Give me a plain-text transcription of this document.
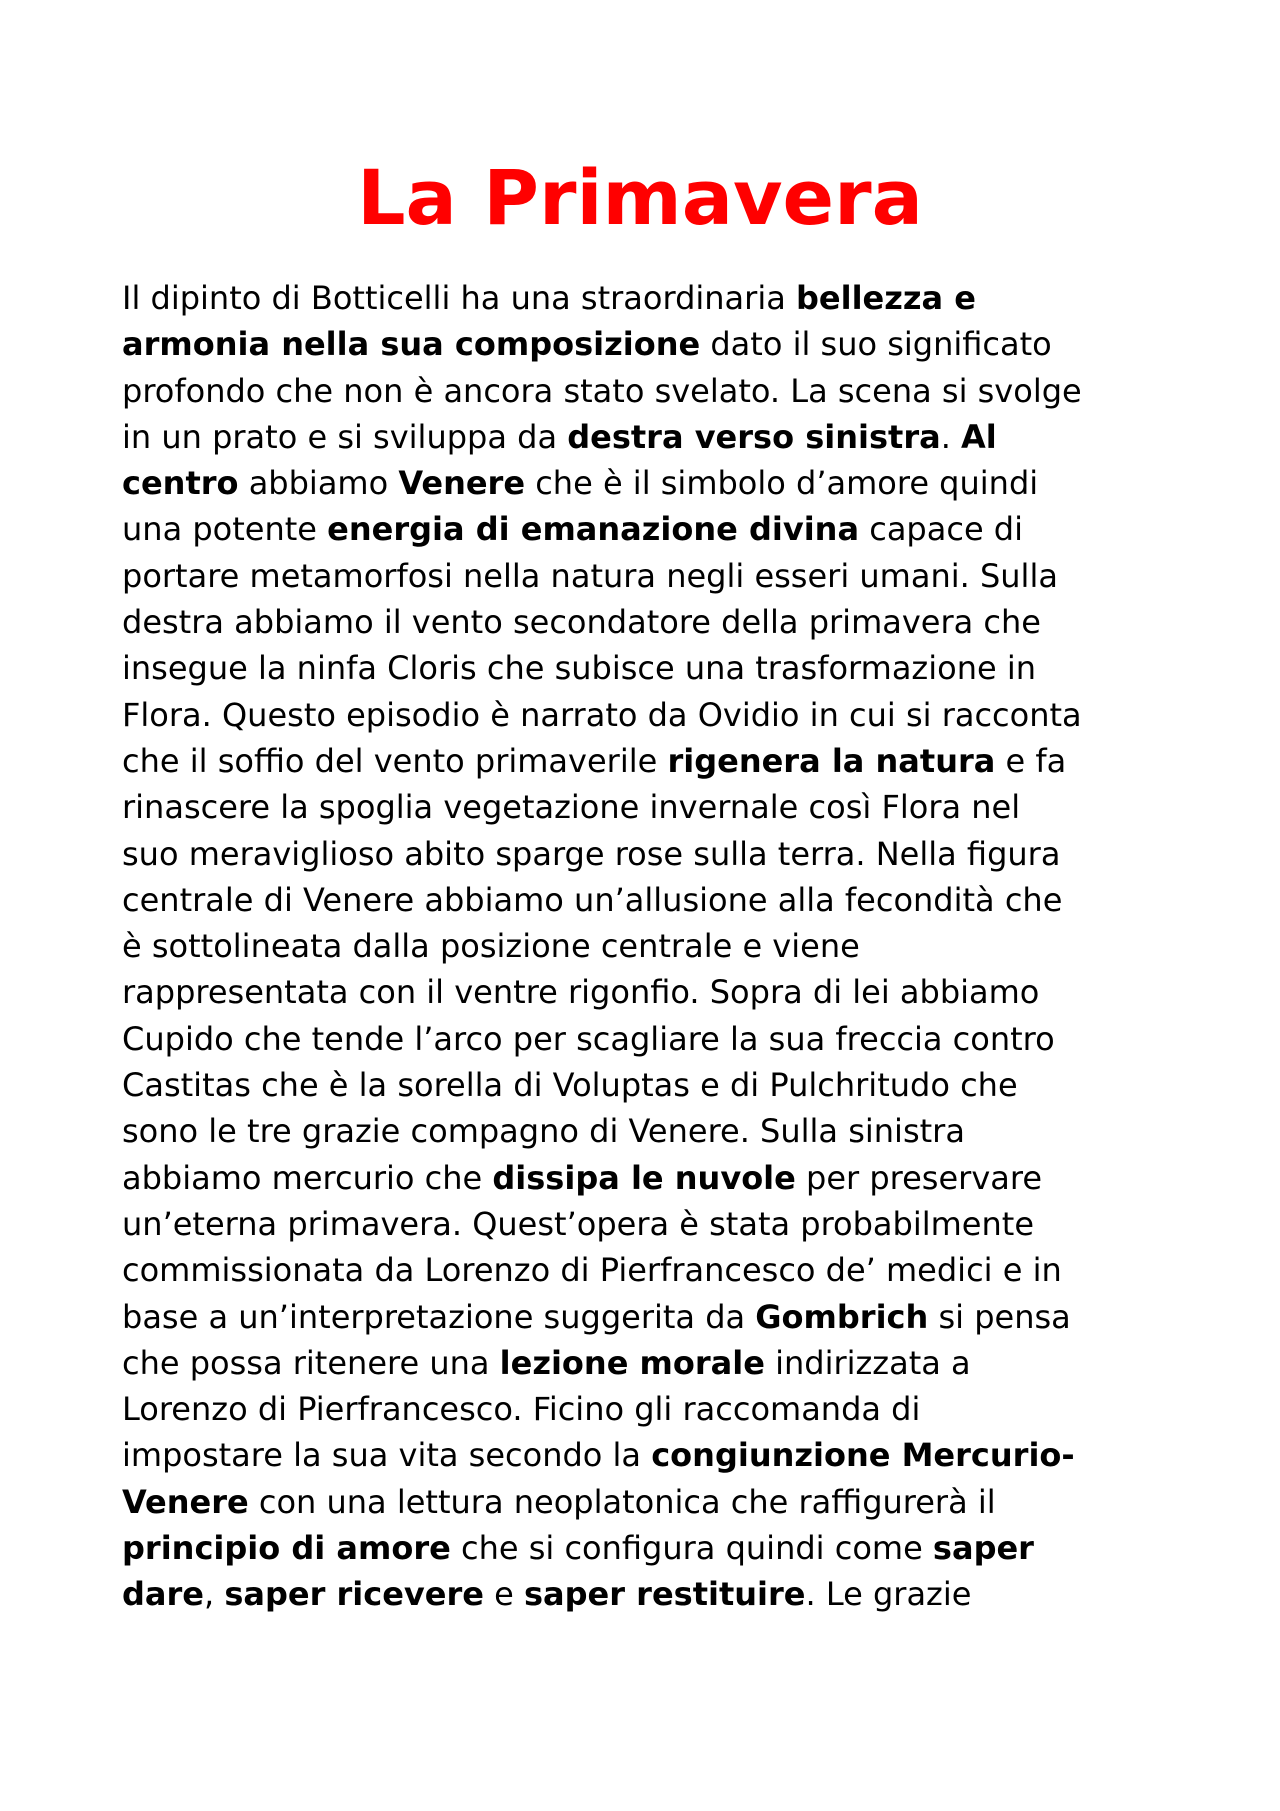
La Primavera
Il dipinto di Botticelli ha una straordinaria bellezza e
armonia nella sua composizione dato il suo significato
profondo che non è ancora stato svelato. La scena si svolge
in un prato e si sviluppa da destra verso sinistra. Al
centro abbiamo Venere che è il simbolo d’amore quindi
una potente energia di emanazione divina capace di
portare metamorfosi nella natura negli esseri umani. Sulla
destra abbiamo il vento secondatore della primavera che
insegue la ninfa Cloris che subisce una trasformazione in
Flora. Questo episodio è narrato da Ovidio in cui si racconta
che il soffio del vento primaverile rigenera la natura e fa
rinascere la spoglia vegetazione invernale così Flora nel
suo meraviglioso abito sparge rose sulla terra. Nella figura
centrale di Venere abbiamo un’allusione alla fecondità che
è sottolineata dalla posizione centrale e viene
rappresentata con il ventre rigonfio. Sopra di lei abbiamo
Cupido che tende l’arco per scagliare la sua freccia contro
Castitas che è la sorella di Voluptas e di Pulchritudo che
sono le tre grazie compagno di Venere. Sulla sinistra
abbiamo mercurio che dissipa le nuvole per preservare
un’eterna primavera. Quest’opera è stata probabilmente
commissionata da Lorenzo di Pierfrancesco de’ medici e in
base a un’interpretazione suggerita da Gombrich si pensa
che possa ritenere una lezione morale indirizzata a
Lorenzo di Pierfrancesco. Ficino gli raccomanda di
impostare la sua vita secondo la congiunzione Mercurio-
Venere con una lettura neoplatonica che raffigurerà il
principio di amore che si configura quindi come saper
dare, saper ricevere e saper restituire. Le grazie
